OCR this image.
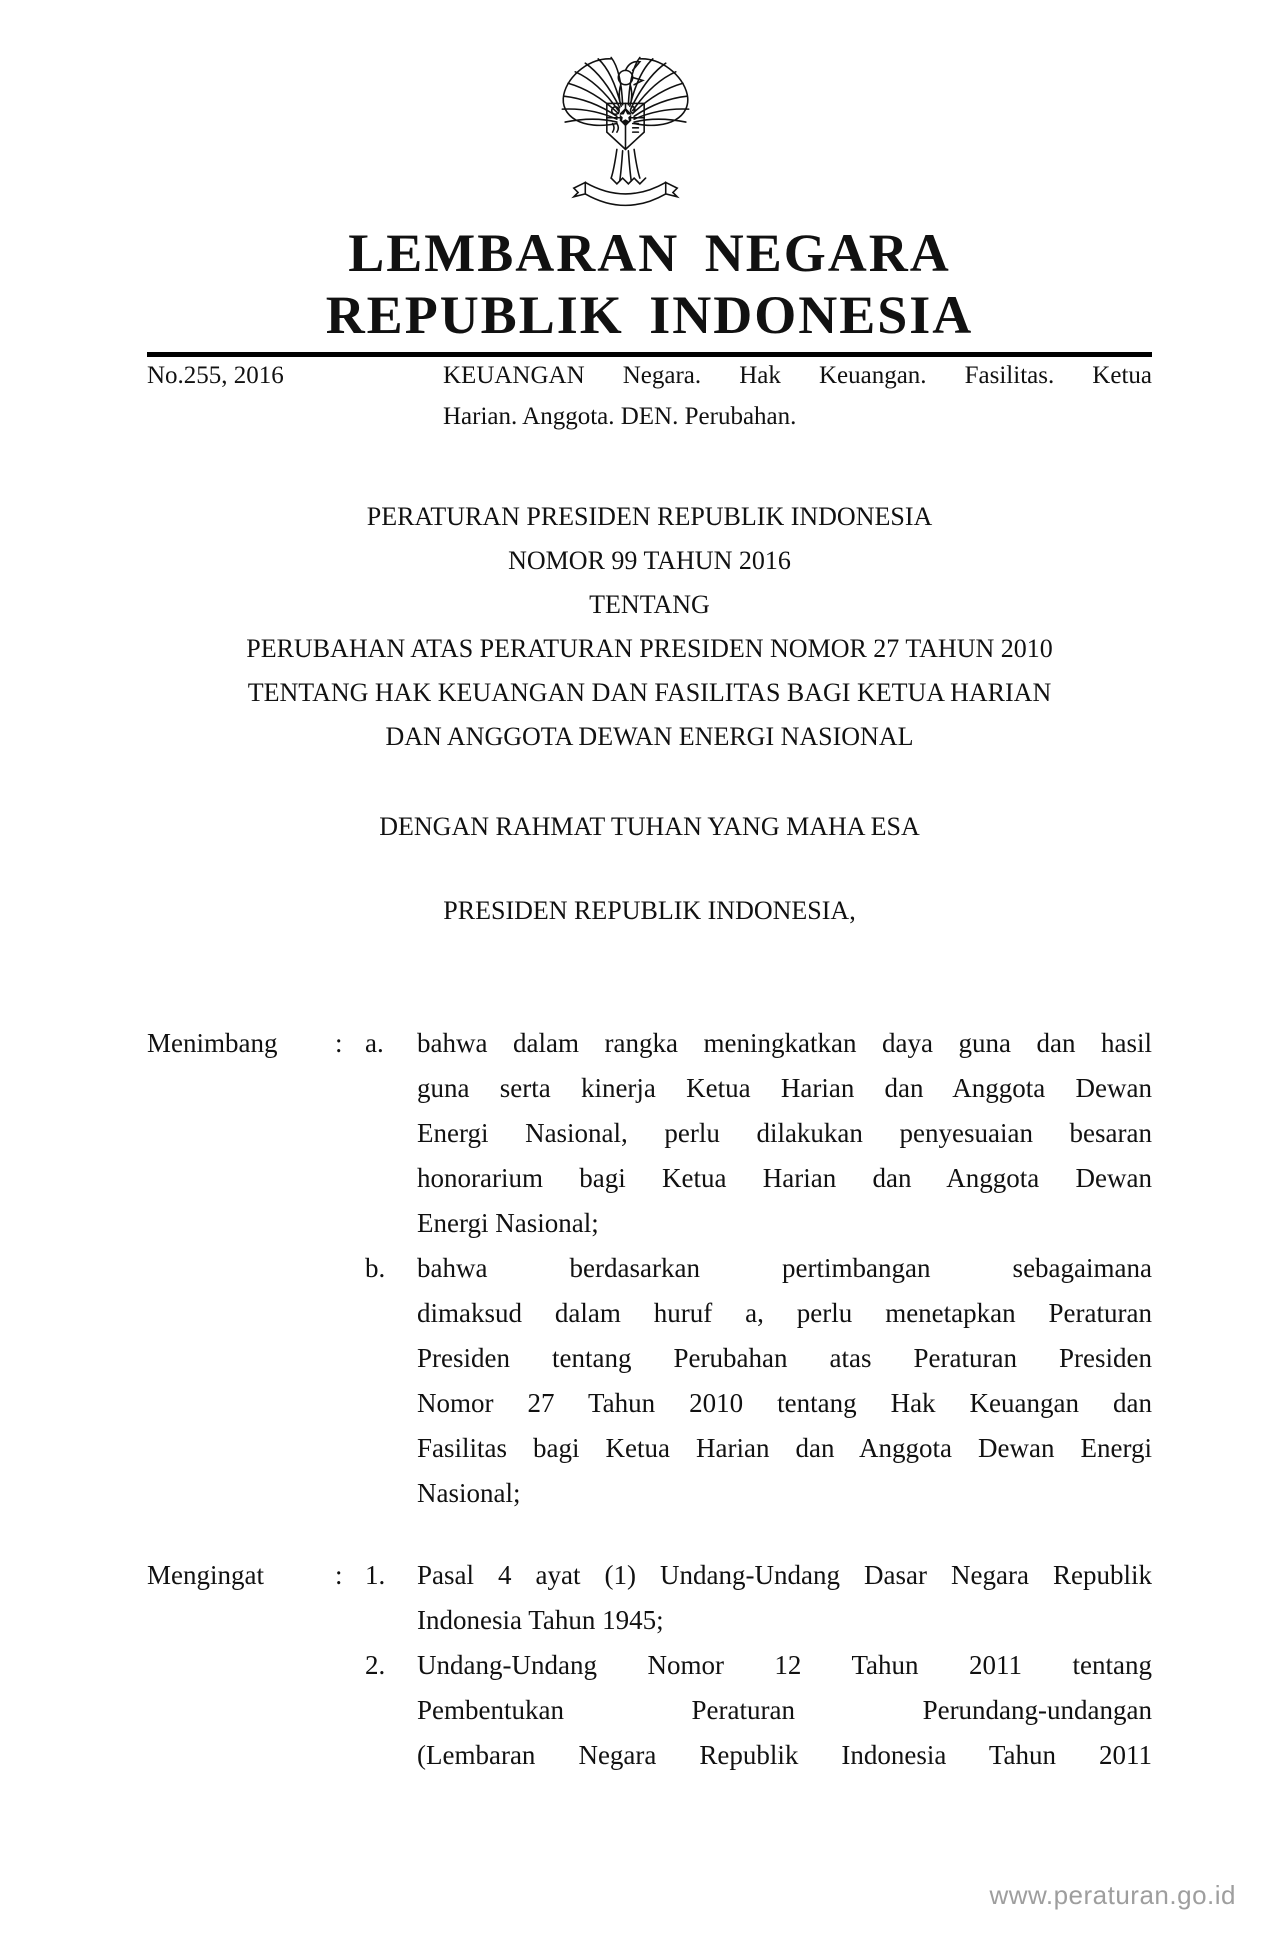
LEMBARAN NEGARA
REPUBLIK INDONESIA
No.255, 2016	KEUANGAN Negara. Hak Keuangan. Fasilitas. Ketua
Harian. Anggota. DEN. Perubahan.
PERATURAN PRESIDEN REPUBLIK INDONESIA
NOMOR 99 TAHUN 2016
TENTANG
PERUBAHAN ATAS PERATURAN PRESIDEN NOMOR 27 TAHUN 2010
TENTANG HAK KEUANGAN DAN FASILITAS BAGI KETUA HARIAN
DAN ANGGOTA DEWAN ENERGI NASIONAL
DENGAN RAHMAT TUHAN YANG MAHA ESA
PRESIDEN REPUBLIK INDONESIA,
Menimbang	: a.	bahwa dalam rangka meningkatkan daya guna dan hasil
guna serta kinerja Ketua Harian dan Anggota Dewan
Energi Nasional, perlu dilakukan penyesuaian besaran
honorarium bagi Ketua Harian dan Anggota Dewan
Energi Nasional;
b.	bahwa berdasarkan pertimbangan sebagaimana
dimaksud dalam huruf a, perlu menetapkan Peraturan
Presiden tentang Perubahan atas Peraturan Presiden
Nomor 27 Tahun 2010 tentang Hak Keuangan dan
Fasilitas bagi Ketua Harian dan Anggota Dewan Energi
Nasional;
Mengingat	: 1.	Pasal 4 ayat (1) Undang-Undang Dasar Negara Republik
Indonesia Tahun 1945;
2.	Undang-Undang Nomor 12 Tahun 2011 tentang
Pembentukan Peraturan Perundang-undangan
(Lembaran Negara Republik Indonesia Tahun 2011
www.peraturan.go.id
